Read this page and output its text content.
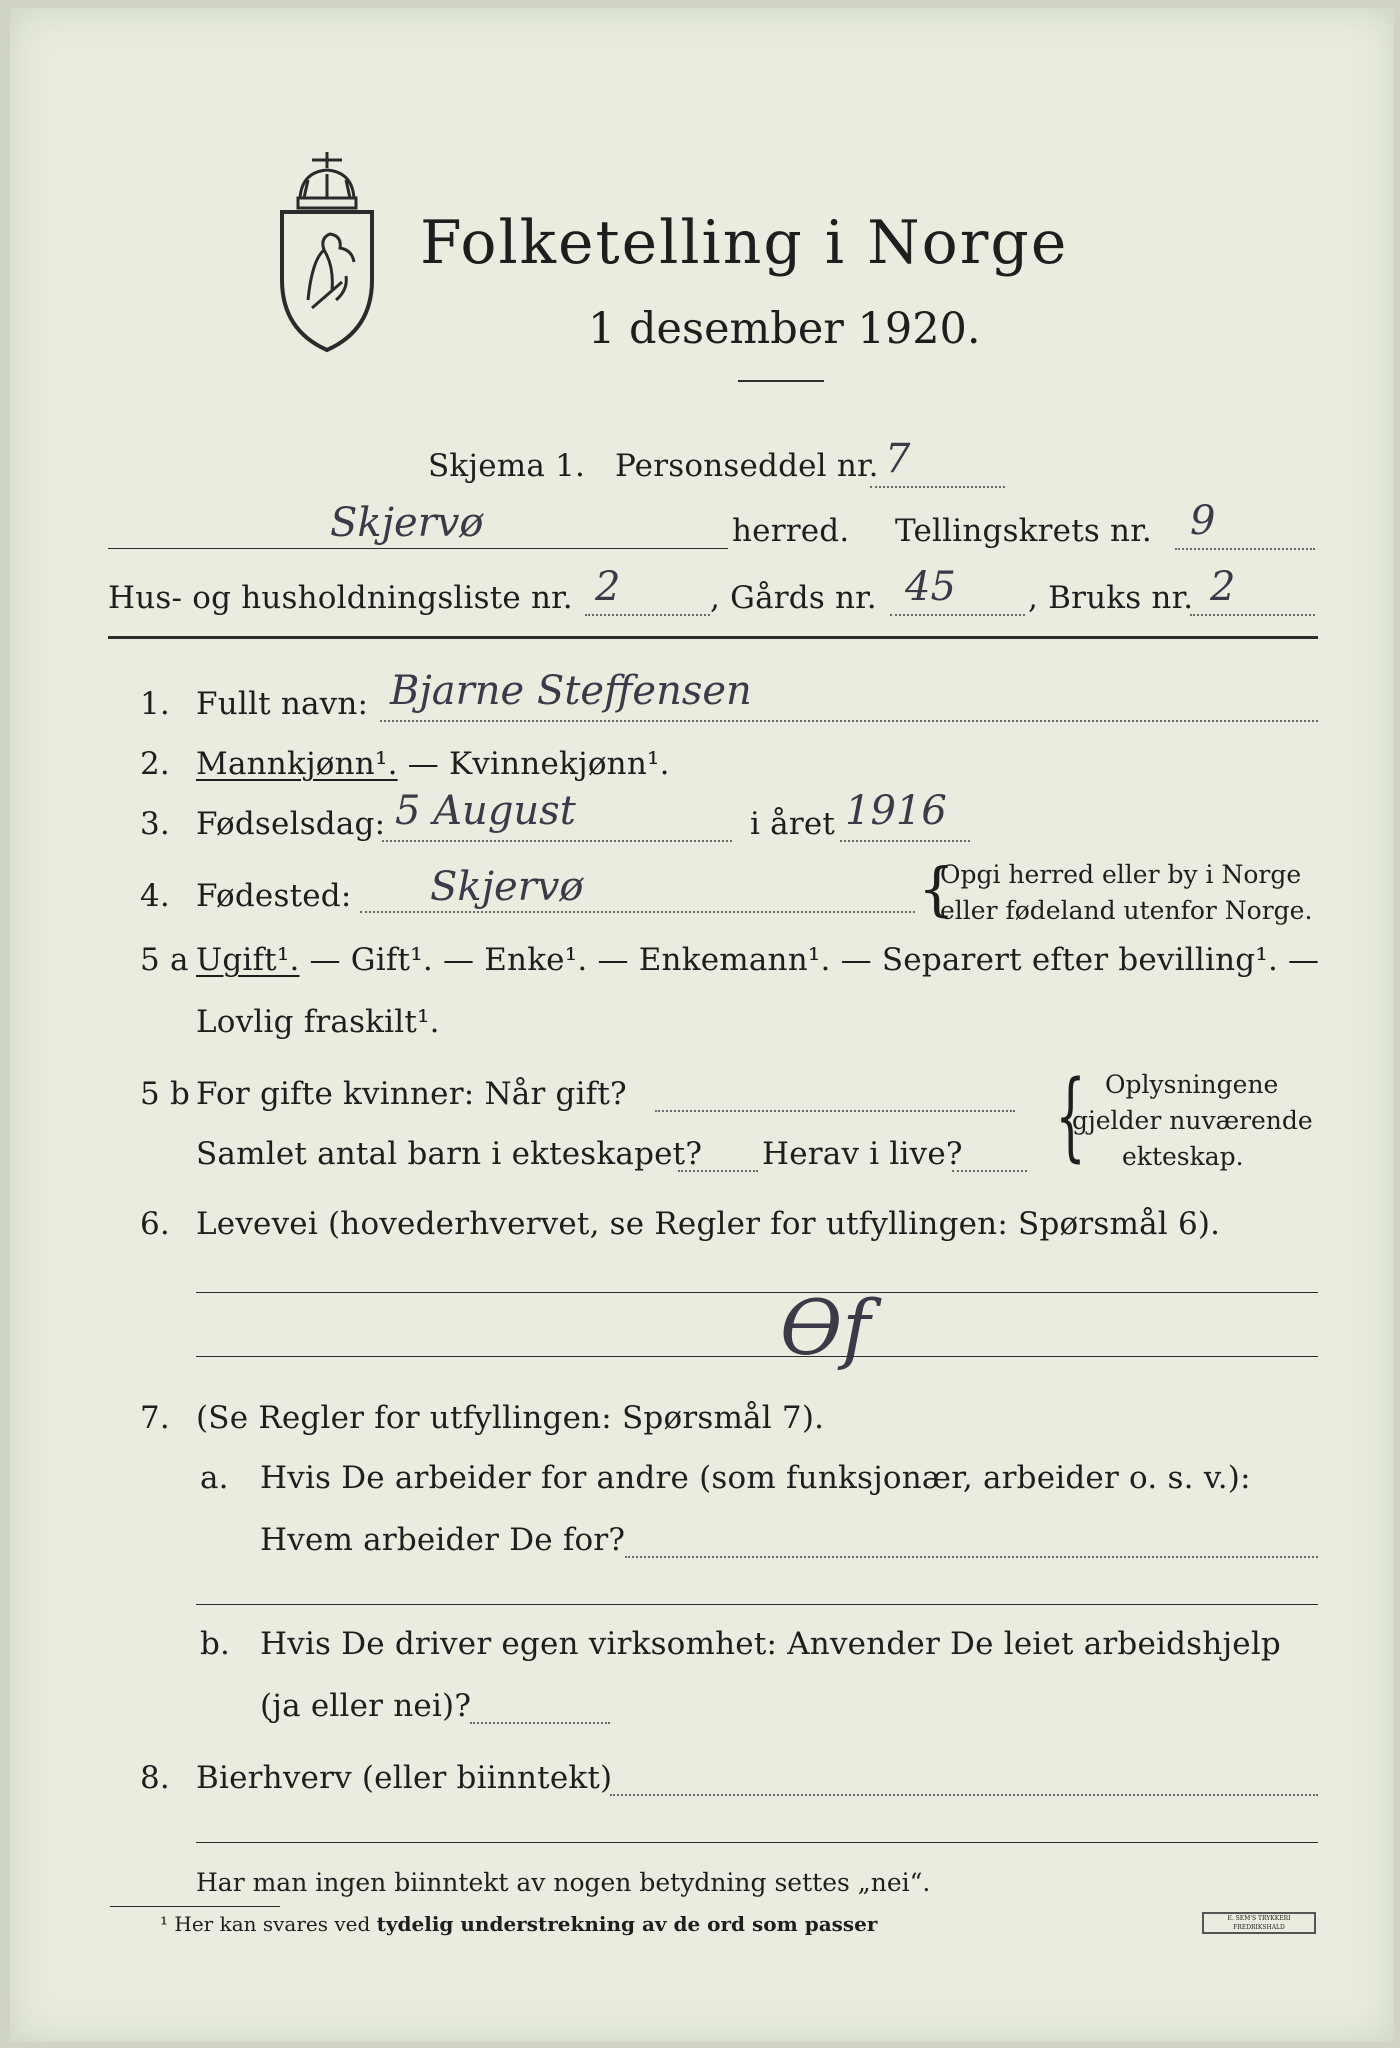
Folketelling i Norge
1 desember 1920.
Skjema 1. Personseddel nr. 7
Skjervø	herred. Tellingskrets nr. 9
Hus- og husholdningsliste nr. 2	, Gårds nr. 45 , Bruks nr. 2
1. Fullt navn: Bjarne Steffensen
2. Mannkjønn¹. — Kvinnekjønn¹.
3. Fødselsdag: 5 August	i året 1916
4. Fødested: Skjervø	{
Opgi herred eller by i Norge
eller fødeland utenfor Norge.
5 a Ugift¹. — Gift¹. — Enke¹. — Enkemann¹. — Separert efter bevilling¹. —
Lovlig fraskilt¹.
5 b For gifte kvinner: Når gift?
Samlet antal barn i ekteskapet? Herav i live? { Oplysningene
gjelder nuværende
ekteskap.
6. Levevei (hovederhvervet, se Regler for utfyllingen: Spørsmål 6).
Ɵf
7. (Se Regler for utfyllingen: Spørsmål 7).
a. Hvis De arbeider for andre (som funksjonær, arbeider o. s. v.):
Hvem arbeider De for?
b. Hvis De driver egen virksomhet: Anvender De leiet arbeidshjelp
(ja eller nei)?
8. Bierhverv (eller biinntekt)
Har man ingen biinntekt av nogen betydning settes „nei“.
¹ Her kan svares ved tydelig understrekning av de ord som passer	E. SEM'S TRYKKERI FREDRIKSHALD
